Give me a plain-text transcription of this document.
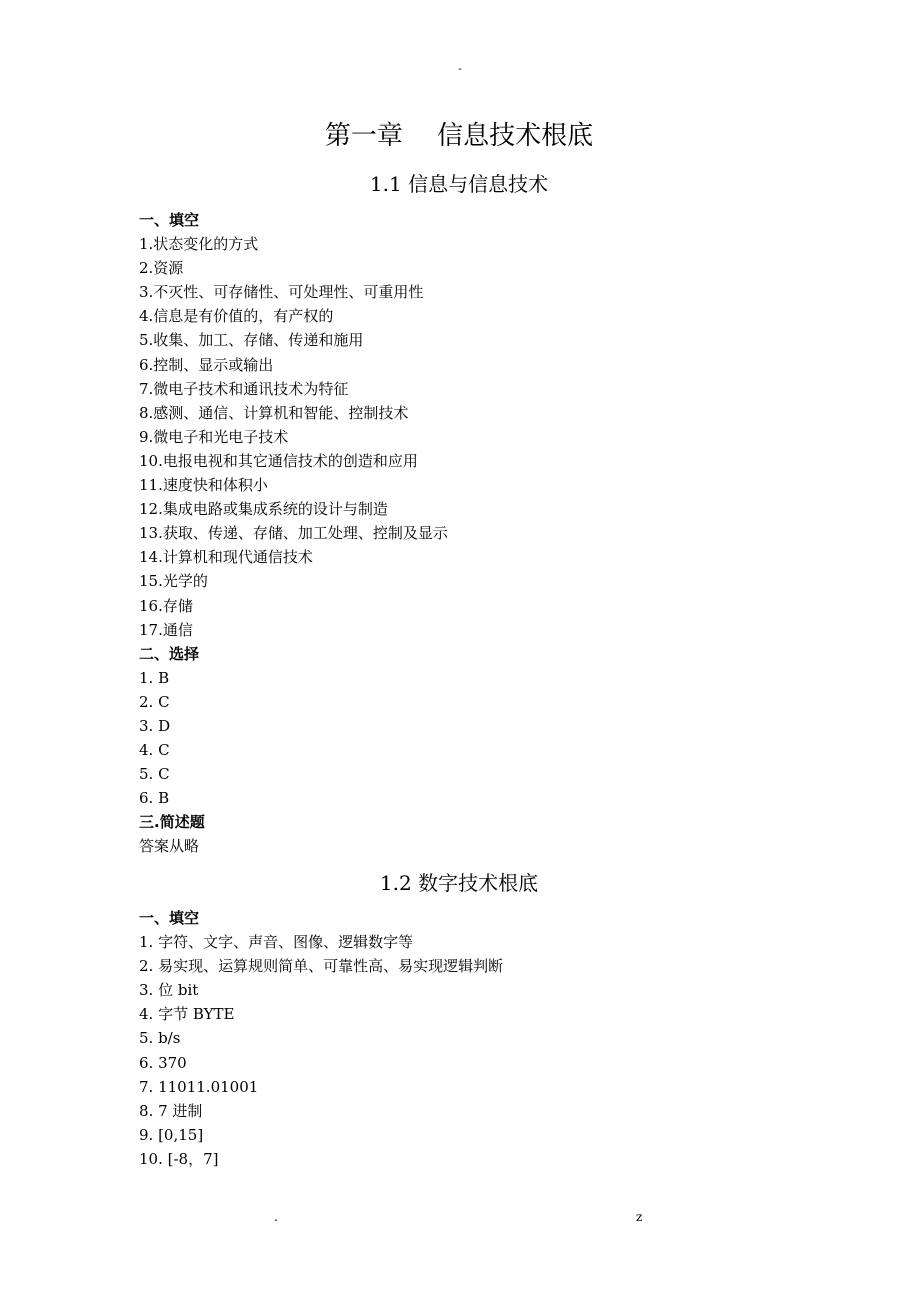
-
第一章　 信息技术根底
1.1 信息与信息技术
一、填空
1.状态变化的方式
2.资源
3.不灭性、可存储性、可处理性、可重用性
4.信息是有价值的，有产权的
5.收集、加工、存储、传递和施用
6.控制、显示或输出
7.微电子技术和通讯技术为特征
8.感测、通信、计算机和智能、控制技术
9.微电子和光电子技术
10.电报电视和其它通信技术的创造和应用
11.速度快和体积小
12.集成电路或集成系统的设计与制造
13.获取、传递、存储、加工处理、控制及显示
14.计算机和现代通信技术
15.光学的
16.存储
17.通信
二、选择
1. B
2. C
3. D
4. C
5. C
6. B
三.简述题
答案从略
1.2 数字技术根底
一、填空
1. 字符、文字、声音、图像、逻辑数字等
2. 易实现、运算规则简单、可靠性高、易实现逻辑判断
3. 位 bit
4. 字节 BYTE
5. b/s
6. 370
7. 11011.01001
8. 7 进制
9. [0,15]
10. [-8，7]
.	z
